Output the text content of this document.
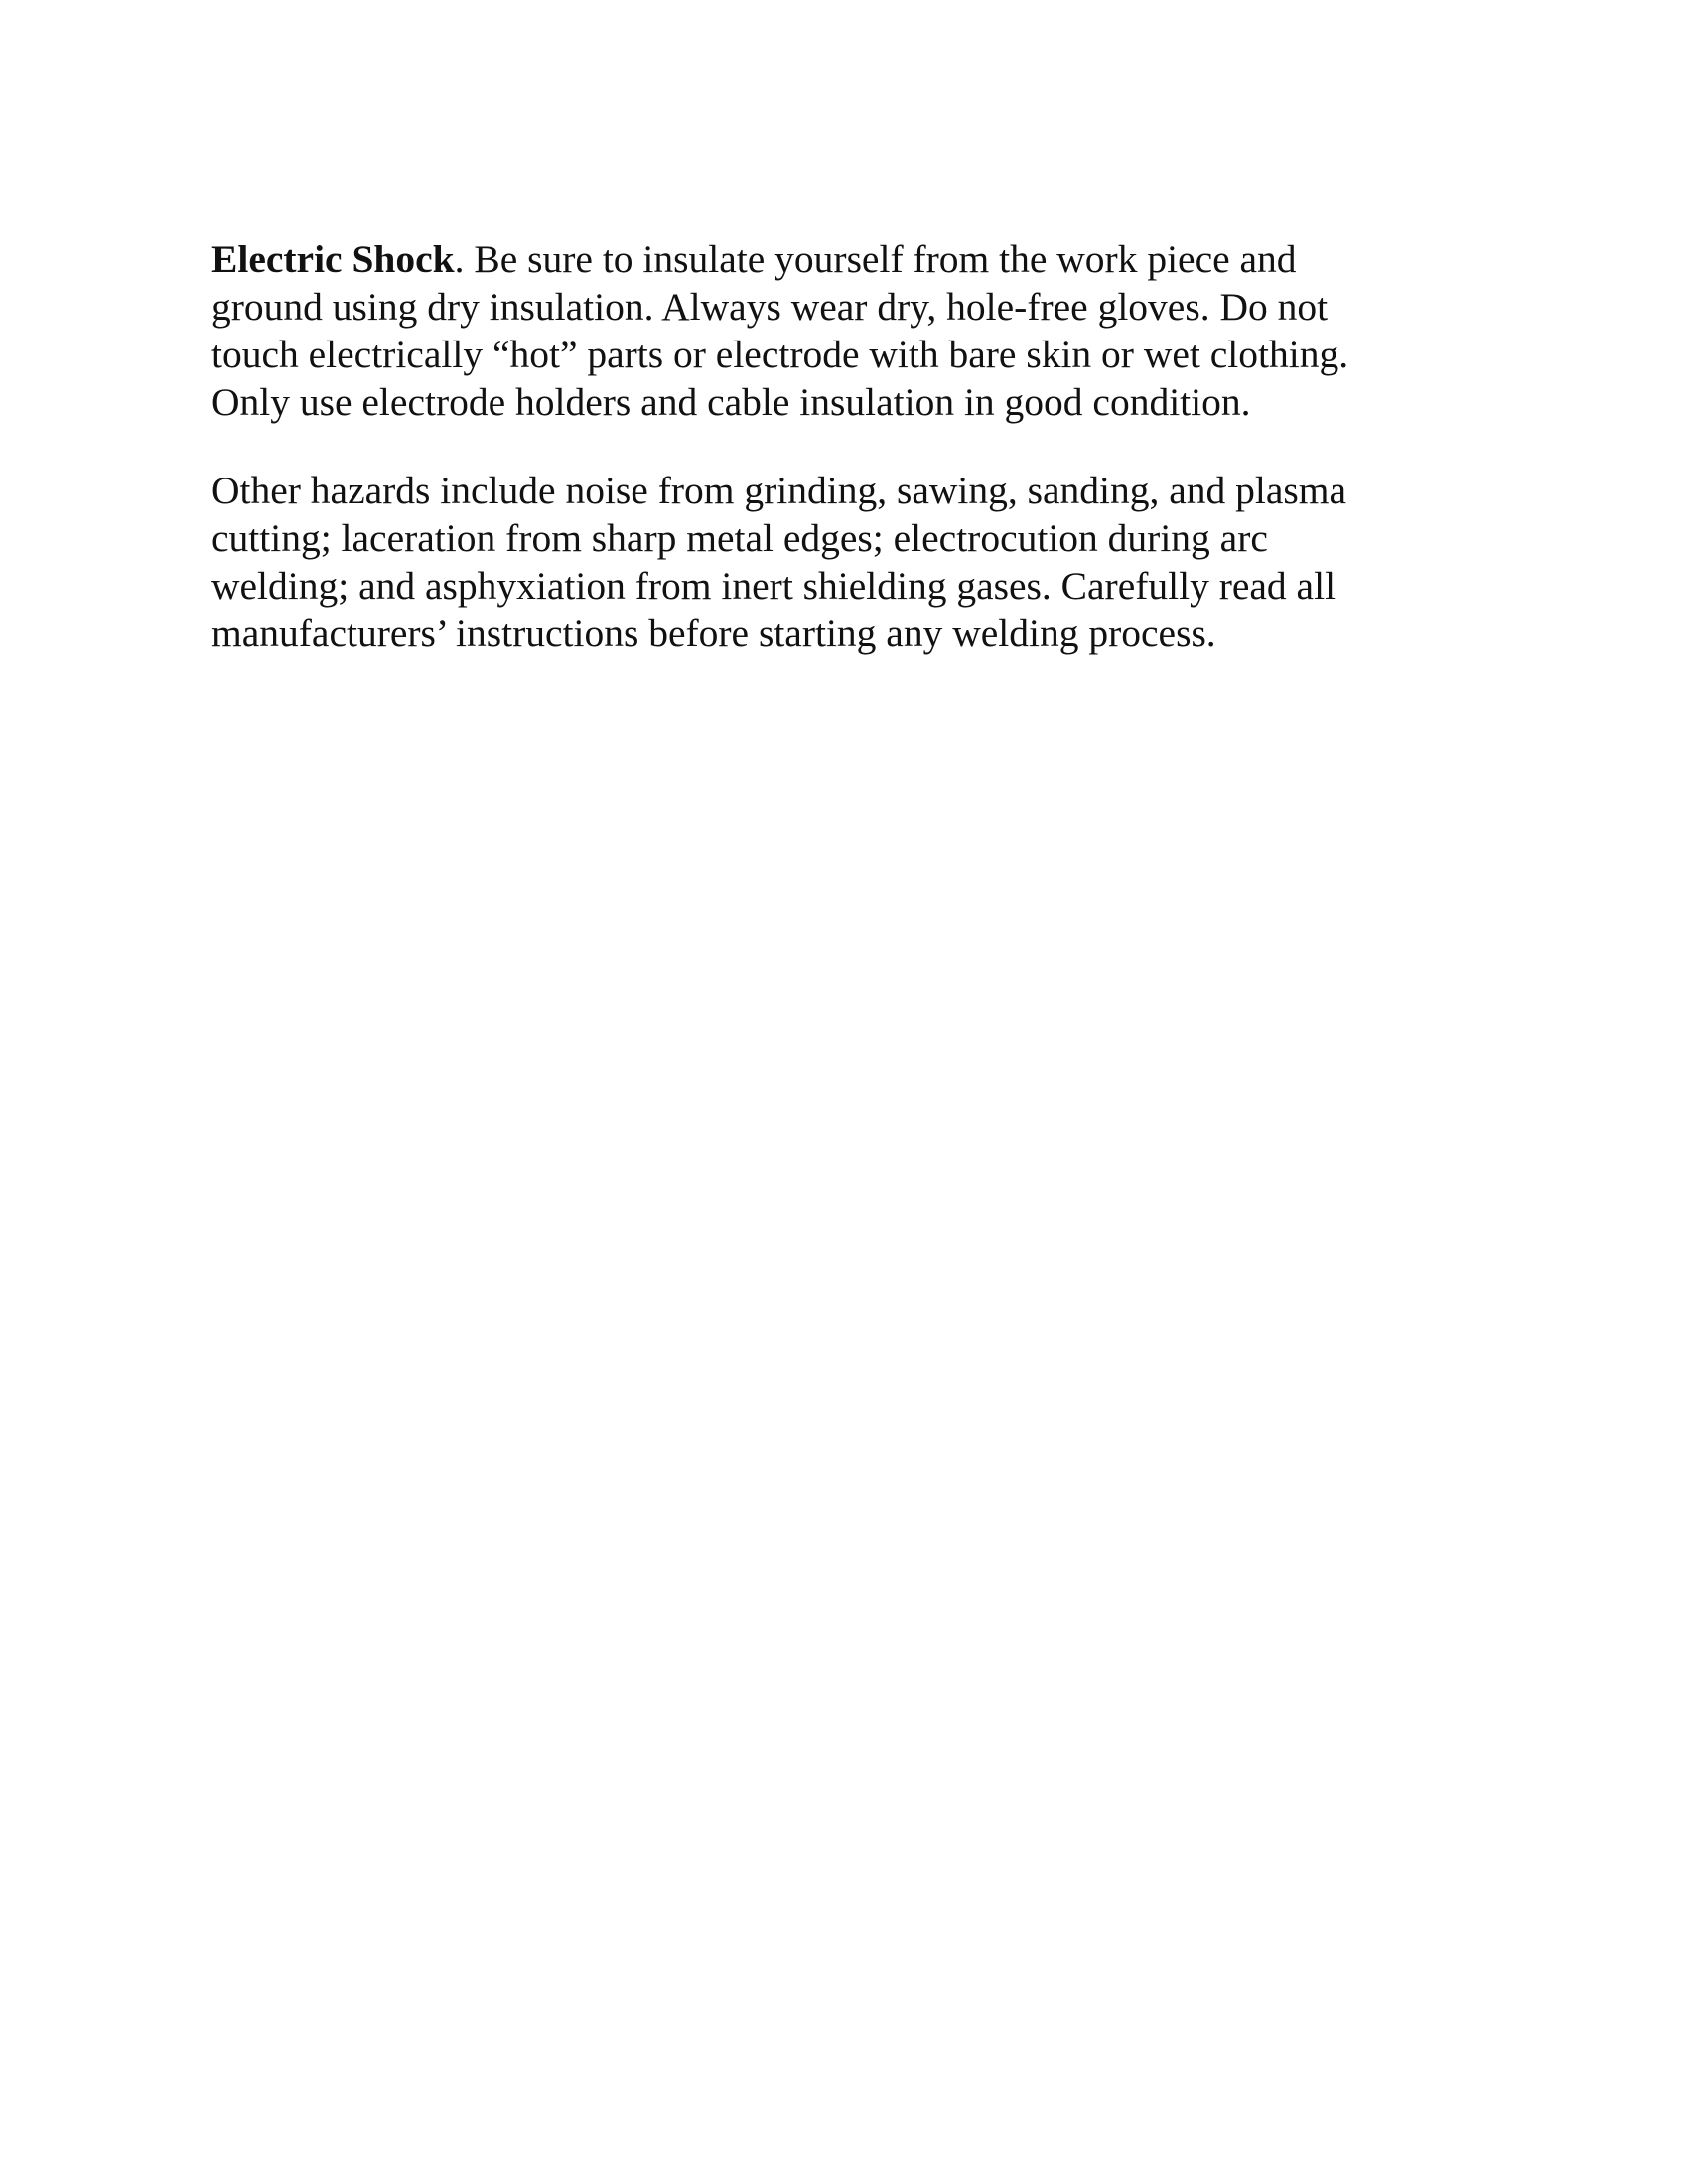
Electric Shock. Be sure to insulate yourself from the work piece and
ground using dry insulation. Always wear dry, hole-free gloves. Do not
touch electrically “hot” parts or electrode with bare skin or wet clothing.
Only use electrode holders and cable insulation in good condition.

Other hazards include noise from grinding, sawing, sanding, and plasma
cutting; laceration from sharp metal edges; electrocution during arc
welding; and asphyxiation from inert shielding gases. Carefully read all
manufacturers’ instructions before starting any welding process.
